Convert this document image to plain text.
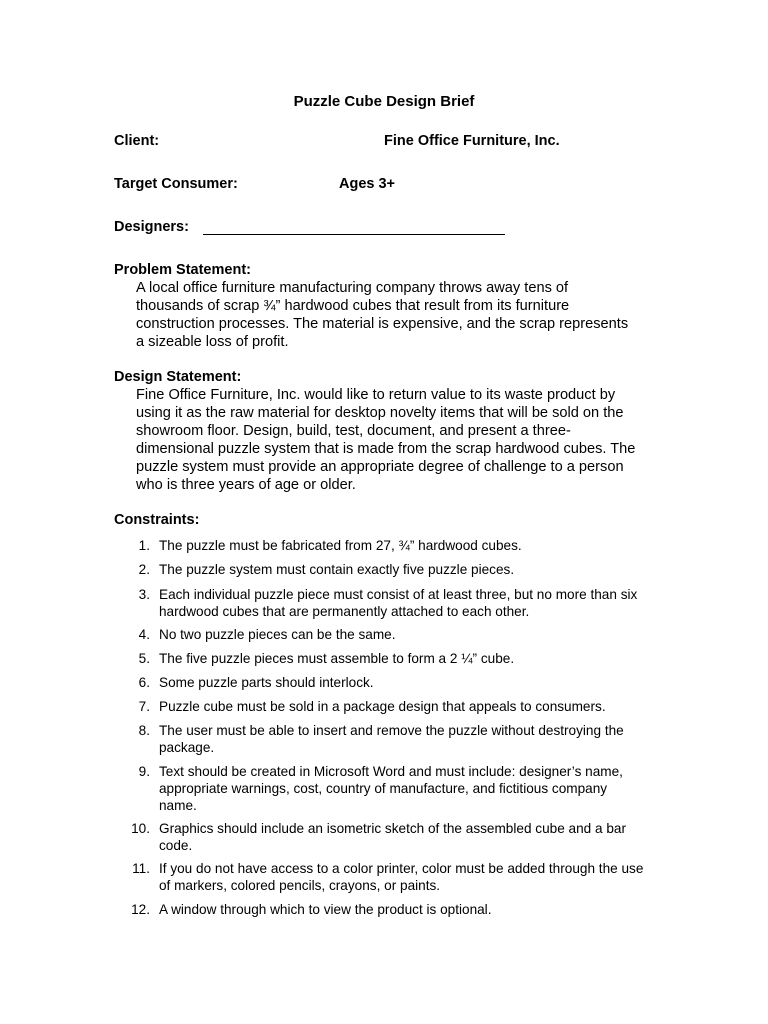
Puzzle Cube Design Brief
Client:	Fine Office Furniture, Inc.
Target Consumer:	Ages 3+
Designers:
Problem Statement:
A local office furniture manufacturing company throws away tens of
thousands of scrap ¾” hardwood cubes that result from its furniture
construction processes. The material is expensive, and the scrap represents
a sizeable loss of profit.
Design Statement:
Fine Office Furniture, Inc. would like to return value to its waste product by
using it as the raw material for desktop novelty items that will be sold on the
showroom floor. Design, build, test, document, and present a three-
dimensional puzzle system that is made from the scrap hardwood cubes. The
puzzle system must provide an appropriate degree of challenge to a person
who is three years of age or older.
Constraints:
1. The puzzle must be fabricated from 27, ¾” hardwood cubes.
2. The puzzle system must contain exactly five puzzle pieces.
3. Each individual puzzle piece must consist of at least three, but no more than six
hardwood cubes that are permanently attached to each other.
4. No two puzzle pieces can be the same.
5. The five puzzle pieces must assemble to form a 2 ¼” cube.
6. Some puzzle parts should interlock.
7. Puzzle cube must be sold in a package design that appeals to consumers.
8. The user must be able to insert and remove the puzzle without destroying the
package.
9. Text should be created in Microsoft Word and must include: designer’s name,
appropriate warnings, cost, country of manufacture, and fictitious company
name.
10. Graphics should include an isometric sketch of the assembled cube and a bar
code.
11. If you do not have access to a color printer, color must be added through the use
of markers, colored pencils, crayons, or paints.
12. A window through which to view the product is optional.
